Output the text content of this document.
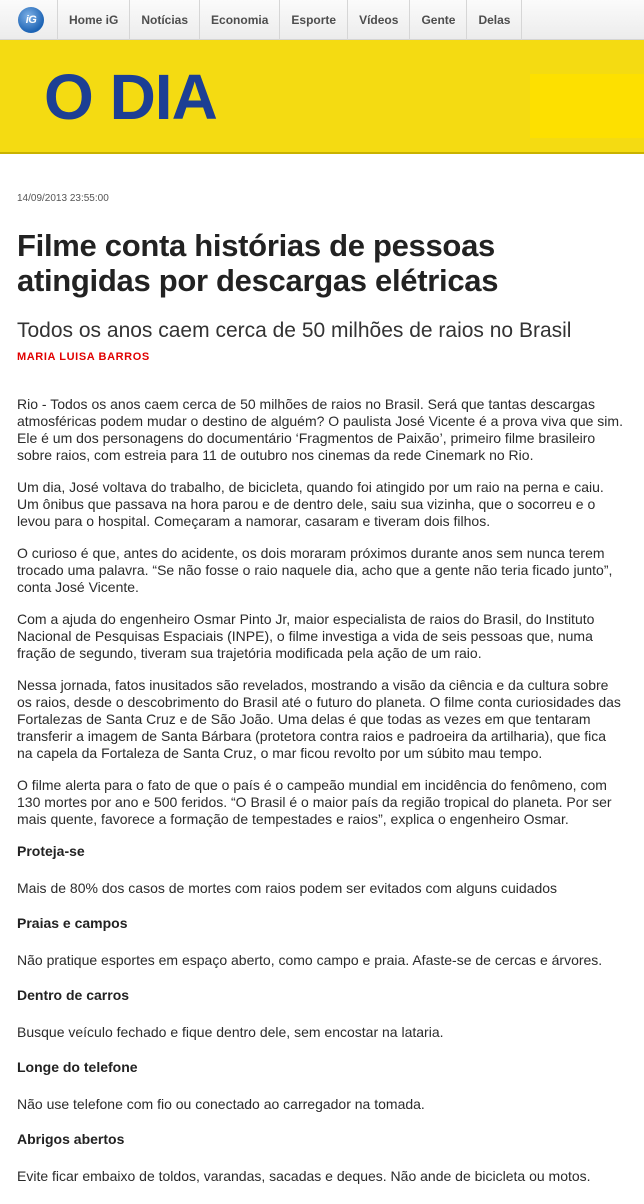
iG	Home iG	Notícias	Economia	Esporte	Vídeos	Gente	Delas
O DIA
14/09/2013 23:55:00
Filme conta histórias de pessoas atingidas por descargas elétricas
Todos os anos caem cerca de 50 milhões de raios no Brasil
MARIA LUISA BARROS

Rio - Todos os anos caem cerca de 50 milhões de raios no Brasil. Será que tantas descargas atmosféricas podem mudar o destino de alguém? O paulista José Vicente é a prova viva que sim. Ele é um dos personagens do documentário ‘Fragmentos de Paixão’, primeiro filme brasileiro sobre raios, com estreia para 11 de outubro nos cinemas da rede Cinemark no Rio.

Um dia, José voltava do trabalho, de bicicleta, quando foi atingido por um raio na perna e caiu. Um ônibus que passava na hora parou e de dentro dele, saiu sua vizinha, que o socorreu e o levou para o hospital. Começaram a namorar, casaram e tiveram dois filhos.

O curioso é que, antes do acidente, os dois moraram próximos durante anos sem nunca terem trocado uma palavra. “Se não fosse o raio naquele dia, acho que a gente não teria ficado junto”, conta José Vicente.

Com a ajuda do engenheiro Osmar Pinto Jr, maior especialista de raios do Brasil, do Instituto Nacional de Pesquisas Espaciais (INPE), o filme investiga a vida de seis pessoas que, numa fração de segundo, tiveram sua trajetória modificada pela ação de um raio.

Nessa jornada, fatos inusitados são revelados, mostrando a visão da ciência e da cultura sobre os raios, desde o descobrimento do Brasil até o futuro do planeta. O filme conta curiosidades das Fortalezas de Santa Cruz e de São João. Uma delas é que todas as vezes em que tentaram transferir a imagem de Santa Bárbara (protetora contra raios e padroeira da artilharia), que fica na capela da Fortaleza de Santa Cruz, o mar ficou revolto por um súbito mau tempo.

O filme alerta para o fato de que o país é o campeão mundial em incidência do fenômeno, com 130 mortes por ano e 500 feridos. “O Brasil é o maior país da região tropical do planeta. Por ser mais quente, favorece a formação de tempestades e raios”, explica o engenheiro Osmar.

Proteja-se

Mais de 80% dos casos de mortes com raios podem ser evitados com alguns cuidados

Praias e campos

Não pratique esportes em espaço aberto, como campo e praia. Afaste-se de cercas e árvores.

Dentro de carros

Busque veículo fechado e fique dentro dele, sem encostar na lataria.

Longe do telefone

Não use telefone com fio ou conectado ao carregador na tomada.

Abrigos abertos

Evite ficar embaixo de toldos, varandas, sacadas e deques. Não ande de bicicleta ou motos.
